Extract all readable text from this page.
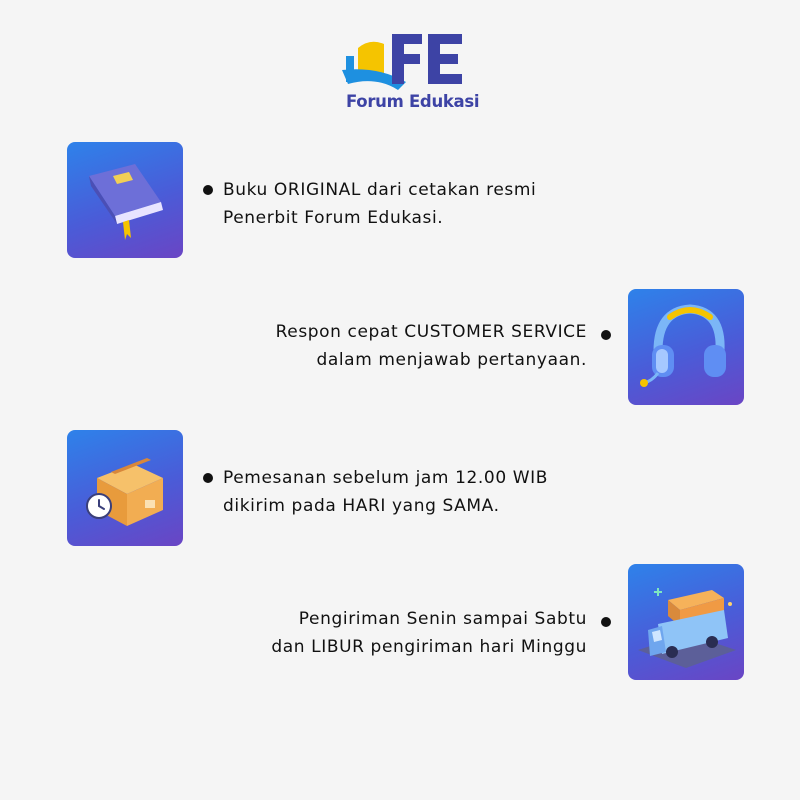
Forum Edukasi
Buku ORIGINAL dari cetakan resmi
Penerbit Forum Edukasi.
Respon cepat CUSTOMER SERVICE
dalam menjawab pertanyaan.
Pemesanan sebelum jam 12.00 WIB
dikirim pada HARI yang SAMA.
Pengiriman Senin sampai Sabtu
dan LIBUR pengiriman hari Minggu
